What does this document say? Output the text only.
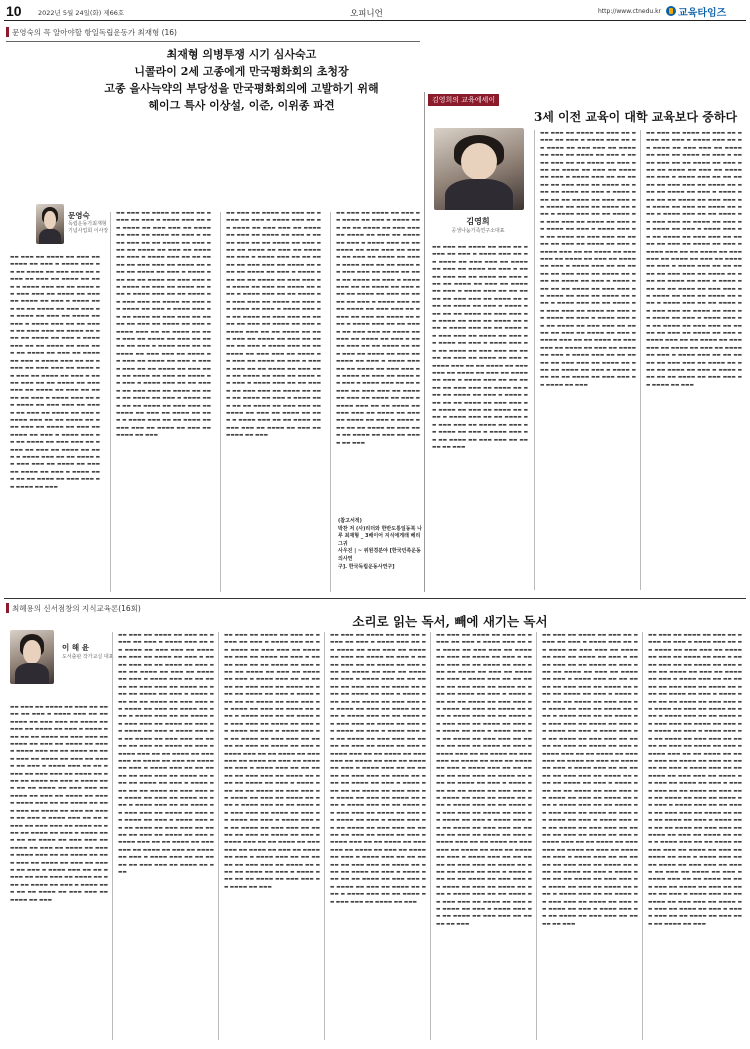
10	2022년 5월 24일(화) 제66호	오피니언	http://www.ctnedu.kr 교육타임즈
문영숙의 꼭 알아야할 항일독립운동가 최재형 (16)
최재형 의병투쟁 시기 심사숙고
니콜라이 2세 고종에게 만국평화회의 초청장
고종 을사늑약의 부당성을 만국평화회의에 고발하기 위해
헤이그 특사 이상설, 이준, 이위종 파견
문영숙
독립운동가최재형
기념사업회 이사장
▬▬ ▬▬▬ ▬▬ ▬▬▬▬ ▬▬ ▬▬▬ ▬▬ ▬▬▬▬ ▬▬ ▬▬▬ ▬ ▬▬▬▬ ▬▬▬ ▬▬ ▬▬ ▬▬▬▬ ▬▬ ▬▬▬ ▬▬▬ ▬▬ ▬▬▬▬ ▬▬ ▬▬▬ ▬▬ ▬▬▬▬ ▬▬ ▬▬▬ ▬ ▬▬▬▬ ▬▬▬ ▬▬ ▬▬ ▬▬▬▬ ▬▬ ▬▬▬ ▬▬▬ ▬▬ ▬▬▬▬ ▬▬ ▬▬▬ ▬▬ ▬▬▬▬ ▬▬ ▬▬▬ ▬ ▬▬▬▬ ▬▬▬ ▬▬ ▬▬ ▬▬▬▬ ▬▬ ▬▬▬ ▬▬▬ ▬▬ ▬▬▬▬ ▬▬ ▬▬▬ ▬▬ ▬▬▬▬ ▬▬ ▬▬▬ ▬ ▬▬▬▬ ▬▬▬ ▬▬ ▬▬ ▬▬▬▬ ▬▬ ▬▬▬ ▬▬▬ ▬▬ ▬▬▬▬ ▬▬ ▬▬▬ ▬▬ ▬▬▬▬ ▬▬ ▬▬▬ ▬ ▬▬▬▬ ▬▬▬ ▬▬ ▬▬ ▬▬▬▬ ▬▬ ▬▬▬ ▬▬▬ ▬▬ ▬▬▬▬ ▬▬ ▬▬▬ ▬▬ ▬▬▬▬ ▬▬ ▬▬▬ ▬ ▬▬▬▬ ▬▬▬ ▬▬ ▬▬ ▬▬▬▬ ▬▬ ▬▬▬ ▬▬▬ ▬▬ ▬▬▬▬ ▬▬ ▬▬▬ ▬▬ ▬▬▬▬ ▬▬ ▬▬▬ ▬ ▬▬▬▬ ▬▬▬ ▬▬ ▬▬ ▬▬▬▬ ▬▬ ▬▬▬ ▬▬▬ ▬▬ ▬▬▬▬ ▬▬ ▬▬▬ ▬▬ ▬▬▬▬ ▬▬ ▬▬▬ ▬ ▬▬▬▬ ▬▬▬ ▬▬ ▬▬ ▬▬▬▬ ▬▬ ▬▬▬ ▬▬▬ ▬▬ ▬▬▬▬ ▬▬ ▬▬▬ ▬▬ ▬▬▬▬ ▬▬ ▬▬▬ ▬ ▬▬▬▬ ▬▬▬ ▬▬ ▬▬ ▬▬▬▬ ▬▬ ▬▬▬ ▬▬▬ ▬▬ ▬▬▬▬ ▬▬ ▬▬▬ ▬▬ ▬▬▬▬ ▬▬ ▬▬▬ ▬ ▬▬▬▬ ▬▬▬ ▬▬ ▬▬ ▬▬▬▬ ▬▬ ▬▬▬ ▬▬▬ ▬▬ ▬▬▬▬ ▬▬ ▬▬▬ ▬▬ ▬▬▬▬ ▬▬ ▬▬▬ ▬ ▬▬▬▬ ▬▬▬ ▬▬ ▬▬ ▬▬▬▬ ▬▬ ▬▬▬ ▬▬▬ ▬▬ ▬▬▬▬ ▬▬ ▬▬▬ ▬▬ ▬▬▬▬ ▬▬ ▬▬▬ ▬ ▬▬▬▬ ▬▬▬ ▬▬ ▬▬ ▬▬▬▬ ▬▬ ▬▬▬ ▬▬▬ ▬▬ ▬▬▬▬ ▬▬ ▬▬▬
▬▬ ▬▬▬ ▬▬ ▬▬▬▬ ▬▬ ▬▬▬ ▬▬ ▬▬▬▬ ▬▬ ▬▬▬ ▬ ▬▬▬▬ ▬▬▬ ▬▬ ▬▬ ▬▬▬▬ ▬▬ ▬▬▬ ▬▬▬ ▬▬ ▬▬▬▬ ▬▬ ▬▬▬ ▬▬ ▬▬▬▬ ▬▬ ▬▬▬ ▬ ▬▬▬▬ ▬▬▬ ▬▬ ▬▬ ▬▬▬▬ ▬▬ ▬▬▬ ▬▬▬ ▬▬ ▬▬▬▬ ▬▬ ▬▬▬ ▬▬ ▬▬▬▬ ▬▬ ▬▬▬ ▬ ▬▬▬▬ ▬▬▬ ▬▬ ▬▬ ▬▬▬▬ ▬▬ ▬▬▬ ▬▬▬ ▬▬ ▬▬▬▬ ▬▬ ▬▬▬ ▬▬ ▬▬▬▬ ▬▬ ▬▬▬ ▬ ▬▬▬▬ ▬▬▬ ▬▬ ▬▬ ▬▬▬▬ ▬▬ ▬▬▬ ▬▬▬ ▬▬ ▬▬▬▬ ▬▬ ▬▬▬ ▬▬ ▬▬▬▬ ▬▬ ▬▬▬ ▬ ▬▬▬▬ ▬▬▬ ▬▬ ▬▬ ▬▬▬▬ ▬▬ ▬▬▬ ▬▬▬ ▬▬ ▬▬▬▬ ▬▬ ▬▬▬ ▬▬ ▬▬▬▬ ▬▬ ▬▬▬ ▬ ▬▬▬▬ ▬▬▬ ▬▬ ▬▬ ▬▬▬▬ ▬▬ ▬▬▬ ▬▬▬ ▬▬ ▬▬▬▬ ▬▬ ▬▬▬ ▬▬ ▬▬▬▬ ▬▬ ▬▬▬ ▬ ▬▬▬▬ ▬▬▬ ▬▬ ▬▬ ▬▬▬▬ ▬▬ ▬▬▬ ▬▬▬ ▬▬ ▬▬▬▬ ▬▬ ▬▬▬ ▬▬ ▬▬▬▬ ▬▬ ▬▬▬ ▬ ▬▬▬▬ ▬▬▬ ▬▬ ▬▬ ▬▬▬▬ ▬▬ ▬▬▬ ▬▬▬ ▬▬ ▬▬▬▬ ▬▬ ▬▬▬ ▬▬ ▬▬▬▬ ▬▬ ▬▬▬ ▬ ▬▬▬▬ ▬▬▬ ▬▬ ▬▬ ▬▬▬▬ ▬▬ ▬▬▬ ▬▬▬ ▬▬ ▬▬▬▬ ▬▬ ▬▬▬ ▬▬ ▬▬▬▬ ▬▬ ▬▬▬ ▬ ▬▬▬▬ ▬▬▬ ▬▬ ▬▬ ▬▬▬▬ ▬▬ ▬▬▬ ▬▬▬ ▬▬ ▬▬▬▬ ▬▬ ▬▬▬ ▬▬ ▬▬▬▬ ▬▬ ▬▬▬ ▬ ▬▬▬▬ ▬▬▬ ▬▬ ▬▬ ▬▬▬▬ ▬▬ ▬▬▬ ▬▬▬ ▬▬ ▬▬▬▬ ▬▬ ▬▬▬ ▬▬ ▬▬▬▬ ▬▬ ▬▬▬ ▬ ▬▬▬▬ ▬▬▬ ▬▬ ▬▬ ▬▬▬▬ ▬▬ ▬▬▬ ▬▬▬ ▬▬ ▬▬▬▬ ▬▬ ▬▬▬ ▬▬ ▬▬▬▬ ▬▬ ▬▬▬
▬▬ ▬▬▬ ▬▬ ▬▬▬▬ ▬▬ ▬▬▬ ▬▬ ▬▬▬▬ ▬▬ ▬▬▬ ▬ ▬▬▬▬ ▬▬▬ ▬▬ ▬▬ ▬▬▬▬ ▬▬ ▬▬▬ ▬▬▬ ▬▬ ▬▬▬▬ ▬▬ ▬▬▬ ▬▬ ▬▬▬▬ ▬▬ ▬▬▬ ▬ ▬▬▬▬ ▬▬▬ ▬▬ ▬▬ ▬▬▬▬ ▬▬ ▬▬▬ ▬▬▬ ▬▬ ▬▬▬▬ ▬▬ ▬▬▬ ▬▬ ▬▬▬▬ ▬▬ ▬▬▬ ▬ ▬▬▬▬ ▬▬▬ ▬▬ ▬▬ ▬▬▬▬ ▬▬ ▬▬▬ ▬▬▬ ▬▬ ▬▬▬▬ ▬▬ ▬▬▬ ▬▬ ▬▬▬▬ ▬▬ ▬▬▬ ▬ ▬▬▬▬ ▬▬▬ ▬▬ ▬▬ ▬▬▬▬ ▬▬ ▬▬▬ ▬▬▬ ▬▬ ▬▬▬▬ ▬▬ ▬▬▬ ▬▬ ▬▬▬▬ ▬▬ ▬▬▬ ▬ ▬▬▬▬ ▬▬▬ ▬▬ ▬▬ ▬▬▬▬ ▬▬ ▬▬▬ ▬▬▬ ▬▬ ▬▬▬▬ ▬▬ ▬▬▬ ▬▬ ▬▬▬▬ ▬▬ ▬▬▬ ▬ ▬▬▬▬ ▬▬▬ ▬▬ ▬▬ ▬▬▬▬ ▬▬ ▬▬▬ ▬▬▬ ▬▬ ▬▬▬▬ ▬▬ ▬▬▬ ▬▬ ▬▬▬▬ ▬▬ ▬▬▬ ▬ ▬▬▬▬ ▬▬▬ ▬▬ ▬▬ ▬▬▬▬ ▬▬ ▬▬▬ ▬▬▬ ▬▬ ▬▬▬▬ ▬▬ ▬▬▬ ▬▬ ▬▬▬▬ ▬▬ ▬▬▬ ▬ ▬▬▬▬ ▬▬▬ ▬▬ ▬▬ ▬▬▬▬ ▬▬ ▬▬▬ ▬▬▬ ▬▬ ▬▬▬▬ ▬▬ ▬▬▬ ▬▬ ▬▬▬▬ ▬▬ ▬▬▬ ▬ ▬▬▬▬ ▬▬▬ ▬▬ ▬▬ ▬▬▬▬ ▬▬ ▬▬▬ ▬▬▬ ▬▬ ▬▬▬▬ ▬▬ ▬▬▬ ▬▬ ▬▬▬▬ ▬▬ ▬▬▬ ▬ ▬▬▬▬ ▬▬▬ ▬▬ ▬▬ ▬▬▬▬ ▬▬ ▬▬▬ ▬▬▬ ▬▬ ▬▬▬▬ ▬▬ ▬▬▬ ▬▬ ▬▬▬▬ ▬▬ ▬▬▬ ▬ ▬▬▬▬ ▬▬▬ ▬▬ ▬▬ ▬▬▬▬ ▬▬ ▬▬▬ ▬▬▬ ▬▬ ▬▬▬▬ ▬▬ ▬▬▬ ▬▬ ▬▬▬▬ ▬▬ ▬▬▬ ▬ ▬▬▬▬ ▬▬▬ ▬▬ ▬▬ ▬▬▬▬ ▬▬ ▬▬▬ ▬▬▬ ▬▬ ▬▬▬▬ ▬▬ ▬▬▬ ▬▬ ▬▬▬▬ ▬▬ ▬▬▬
▬▬ ▬▬▬ ▬▬ ▬▬▬▬ ▬▬ ▬▬▬ ▬▬ ▬▬▬▬ ▬▬ ▬▬▬ ▬ ▬▬▬▬ ▬▬▬ ▬▬ ▬▬ ▬▬▬▬ ▬▬ ▬▬▬ ▬▬▬ ▬▬ ▬▬▬▬ ▬▬ ▬▬▬ ▬▬ ▬▬▬▬ ▬▬ ▬▬▬ ▬ ▬▬▬▬ ▬▬▬ ▬▬ ▬▬ ▬▬▬▬ ▬▬ ▬▬▬ ▬▬▬ ▬▬ ▬▬▬▬ ▬▬ ▬▬▬ ▬▬ ▬▬▬▬ ▬▬ ▬▬▬ ▬ ▬▬▬▬ ▬▬▬ ▬▬ ▬▬ ▬▬▬▬ ▬▬ ▬▬▬ ▬▬▬ ▬▬ ▬▬▬▬ ▬▬ ▬▬▬ ▬▬ ▬▬▬▬ ▬▬ ▬▬▬ ▬ ▬▬▬▬ ▬▬▬ ▬▬ ▬▬ ▬▬▬▬ ▬▬ ▬▬▬ ▬▬▬ ▬▬ ▬▬▬▬ ▬▬ ▬▬▬ ▬▬ ▬▬▬▬ ▬▬ ▬▬▬ ▬ ▬▬▬▬ ▬▬▬ ▬▬ ▬▬ ▬▬▬▬ ▬▬ ▬▬▬ ▬▬▬ ▬▬ ▬▬▬▬ ▬▬ ▬▬▬ ▬▬ ▬▬▬▬ ▬▬ ▬▬▬ ▬ ▬▬▬▬ ▬▬▬ ▬▬ ▬▬ ▬▬▬▬ ▬▬ ▬▬▬ ▬▬▬ ▬▬ ▬▬▬▬ ▬▬ ▬▬▬ ▬▬ ▬▬▬▬ ▬▬ ▬▬▬ ▬ ▬▬▬▬ ▬▬▬ ▬▬ ▬▬ ▬▬▬▬ ▬▬ ▬▬▬ ▬▬▬ ▬▬ ▬▬▬▬ ▬▬ ▬▬▬ ▬▬ ▬▬▬▬ ▬▬ ▬▬▬ ▬ ▬▬▬▬ ▬▬▬ ▬▬ ▬▬ ▬▬▬▬ ▬▬ ▬▬▬ ▬▬▬ ▬▬ ▬▬▬▬ ▬▬ ▬▬▬ ▬▬ ▬▬▬▬ ▬▬ ▬▬▬ ▬ ▬▬▬▬ ▬▬▬ ▬▬ ▬▬ ▬▬▬▬ ▬▬ ▬▬▬ ▬▬▬ ▬▬ ▬▬▬▬ ▬▬ ▬▬▬ ▬▬ ▬▬▬▬ ▬▬ ▬▬▬ ▬ ▬▬▬▬ ▬▬▬ ▬▬ ▬▬ ▬▬▬▬ ▬▬ ▬▬▬ ▬▬▬ ▬▬ ▬▬▬▬ ▬▬ ▬▬▬ ▬▬ ▬▬▬▬ ▬▬ ▬▬▬ ▬ ▬▬▬▬ ▬▬▬ ▬▬ ▬▬ ▬▬▬▬ ▬▬ ▬▬▬ ▬▬▬ ▬▬ ▬▬▬▬ ▬▬ ▬▬▬ ▬▬ ▬▬▬▬ ▬▬ ▬▬▬
(참고서적)
박찬 저 (사)리더와 한반도통일동북 나
루 최재형 _ 3배이어 지식에게래 베리그귀
사우진 | ~ 위원경분야 [한국민족운동의사연
구]. 한국독립운동사연구]
김영희의 교육에세이
3세 이전 교육이 대학 교육보다 중하다
김영희
공생나눔가족연구소대표
▬▬ ▬▬▬ ▬▬ ▬▬▬▬ ▬▬ ▬▬▬ ▬▬ ▬▬▬▬ ▬▬ ▬▬▬ ▬ ▬▬▬▬ ▬▬▬ ▬▬ ▬▬ ▬▬▬▬ ▬▬ ▬▬▬ ▬▬▬ ▬▬ ▬▬▬▬ ▬▬ ▬▬▬ ▬▬ ▬▬▬▬ ▬▬ ▬▬▬ ▬ ▬▬▬▬ ▬▬▬ ▬▬ ▬▬ ▬▬▬▬ ▬▬ ▬▬▬ ▬▬▬ ▬▬ ▬▬▬▬ ▬▬ ▬▬▬ ▬▬ ▬▬▬▬ ▬▬ ▬▬▬ ▬ ▬▬▬▬ ▬▬▬ ▬▬ ▬▬ ▬▬▬▬ ▬▬ ▬▬▬ ▬▬▬ ▬▬ ▬▬▬▬ ▬▬ ▬▬▬ ▬▬ ▬▬▬▬ ▬▬ ▬▬▬ ▬ ▬▬▬▬ ▬▬▬ ▬▬ ▬▬ ▬▬▬▬ ▬▬ ▬▬▬ ▬▬▬ ▬▬ ▬▬▬▬ ▬▬ ▬▬▬ ▬▬ ▬▬▬▬ ▬▬ ▬▬▬ ▬ ▬▬▬▬ ▬▬▬ ▬▬ ▬▬ ▬▬▬▬ ▬▬ ▬▬▬ ▬▬▬ ▬▬ ▬▬▬▬ ▬▬ ▬▬▬ ▬▬ ▬▬▬▬ ▬▬ ▬▬▬ ▬ ▬▬▬▬ ▬▬▬ ▬▬ ▬▬ ▬▬▬▬ ▬▬ ▬▬▬ ▬▬▬ ▬▬ ▬▬▬▬ ▬▬ ▬▬▬ ▬▬ ▬▬▬▬ ▬▬ ▬▬▬ ▬ ▬▬▬▬ ▬▬▬ ▬▬ ▬▬ ▬▬▬▬ ▬▬ ▬▬▬ ▬▬▬ ▬▬ ▬▬▬▬ ▬▬ ▬▬▬ ▬▬ ▬▬▬▬ ▬▬ ▬▬▬ ▬ ▬▬▬▬ ▬▬▬ ▬▬ ▬▬ ▬▬▬▬ ▬▬ ▬▬▬ ▬▬▬ ▬▬ ▬▬▬▬ ▬▬ ▬▬▬ ▬▬ ▬▬▬▬ ▬▬ ▬▬▬ ▬ ▬▬▬▬ ▬▬▬ ▬▬ ▬▬ ▬▬▬▬ ▬▬ ▬▬▬ ▬▬▬ ▬▬ ▬▬▬▬ ▬▬ ▬▬▬ ▬▬ ▬▬▬▬ ▬▬ ▬▬▬ ▬ ▬▬▬▬ ▬▬▬ ▬▬ ▬▬ ▬▬▬▬ ▬▬ ▬▬▬ ▬▬▬ ▬▬ ▬▬▬▬ ▬▬ ▬▬▬ ▬▬ ▬▬▬▬ ▬▬ ▬▬▬ ▬ ▬▬▬▬ ▬▬▬ ▬▬ ▬▬ ▬▬▬▬ ▬▬ ▬▬▬ ▬▬▬ ▬▬ ▬▬▬▬ ▬▬ ▬▬▬
▬▬ ▬▬▬ ▬▬ ▬▬▬▬ ▬▬ ▬▬▬ ▬▬ ▬▬▬▬ ▬▬ ▬▬▬ ▬ ▬▬▬▬ ▬▬▬ ▬▬ ▬▬ ▬▬▬▬ ▬▬ ▬▬▬ ▬▬▬ ▬▬ ▬▬▬▬ ▬▬ ▬▬▬ ▬▬ ▬▬▬▬ ▬▬ ▬▬▬ ▬ ▬▬▬▬ ▬▬▬ ▬▬ ▬▬ ▬▬▬▬ ▬▬ ▬▬▬ ▬▬▬ ▬▬ ▬▬▬▬ ▬▬ ▬▬▬ ▬▬ ▬▬▬▬ ▬▬ ▬▬▬ ▬ ▬▬▬▬ ▬▬▬ ▬▬ ▬▬ ▬▬▬▬ ▬▬ ▬▬▬ ▬▬▬ ▬▬ ▬▬▬▬ ▬▬ ▬▬▬ ▬▬ ▬▬▬▬ ▬▬ ▬▬▬ ▬ ▬▬▬▬ ▬▬▬ ▬▬ ▬▬ ▬▬▬▬ ▬▬ ▬▬▬ ▬▬▬ ▬▬ ▬▬▬▬ ▬▬ ▬▬▬ ▬▬ ▬▬▬▬ ▬▬ ▬▬▬ ▬ ▬▬▬▬ ▬▬▬ ▬▬ ▬▬ ▬▬▬▬ ▬▬ ▬▬▬ ▬▬▬ ▬▬ ▬▬▬▬ ▬▬ ▬▬▬ ▬▬ ▬▬▬▬ ▬▬ ▬▬▬ ▬ ▬▬▬▬ ▬▬▬ ▬▬ ▬▬ ▬▬▬▬ ▬▬ ▬▬▬ ▬▬▬ ▬▬ ▬▬▬▬ ▬▬ ▬▬▬ ▬▬ ▬▬▬▬ ▬▬ ▬▬▬ ▬ ▬▬▬▬ ▬▬▬ ▬▬ ▬▬ ▬▬▬▬ ▬▬ ▬▬▬ ▬▬▬ ▬▬ ▬▬▬▬ ▬▬ ▬▬▬ ▬▬ ▬▬▬▬ ▬▬ ▬▬▬ ▬ ▬▬▬▬ ▬▬▬ ▬▬ ▬▬ ▬▬▬▬ ▬▬ ▬▬▬ ▬▬▬ ▬▬ ▬▬▬▬ ▬▬ ▬▬▬ ▬▬ ▬▬▬▬ ▬▬ ▬▬▬ ▬ ▬▬▬▬ ▬▬▬ ▬▬ ▬▬ ▬▬▬▬ ▬▬ ▬▬▬ ▬▬▬ ▬▬ ▬▬▬▬ ▬▬ ▬▬▬ ▬▬ ▬▬▬▬ ▬▬ ▬▬▬ ▬ ▬▬▬▬ ▬▬▬ ▬▬ ▬▬ ▬▬▬▬ ▬▬ ▬▬▬ ▬▬▬ ▬▬ ▬▬▬▬ ▬▬ ▬▬▬ ▬▬ ▬▬▬▬ ▬▬ ▬▬▬ ▬ ▬▬▬▬ ▬▬▬ ▬▬ ▬▬ ▬▬▬▬ ▬▬ ▬▬▬ ▬▬▬ ▬▬ ▬▬▬▬ ▬▬ ▬▬▬ ▬▬ ▬▬▬▬ ▬▬ ▬▬▬ ▬ ▬▬▬▬ ▬▬▬ ▬▬ ▬▬ ▬▬▬▬ ▬▬ ▬▬▬ ▬▬▬ ▬▬ ▬▬▬▬ ▬▬ ▬▬▬ ▬▬ ▬▬▬▬ ▬▬ ▬▬▬ ▬ ▬▬▬▬ ▬▬▬ ▬▬ ▬▬ ▬▬▬▬ ▬▬ ▬▬▬ ▬▬▬ ▬▬ ▬▬▬▬ ▬▬ ▬▬▬ ▬▬ ▬▬▬▬ ▬▬ ▬▬▬ ▬ ▬▬▬▬ ▬▬▬ ▬▬ ▬▬ ▬▬▬▬ ▬▬ ▬▬▬ ▬▬▬ ▬▬ ▬▬▬▬ ▬▬ ▬▬▬
▬▬ ▬▬▬ ▬▬ ▬▬▬▬ ▬▬ ▬▬▬ ▬▬ ▬▬▬▬ ▬▬ ▬▬▬ ▬ ▬▬▬▬ ▬▬▬ ▬▬ ▬▬ ▬▬▬▬ ▬▬ ▬▬▬ ▬▬▬ ▬▬ ▬▬▬▬ ▬▬ ▬▬▬ ▬▬ ▬▬▬▬ ▬▬ ▬▬▬ ▬ ▬▬▬▬ ▬▬▬ ▬▬ ▬▬ ▬▬▬▬ ▬▬ ▬▬▬ ▬▬▬ ▬▬ ▬▬▬▬ ▬▬ ▬▬▬ ▬▬ ▬▬▬▬ ▬▬ ▬▬▬ ▬ ▬▬▬▬ ▬▬▬ ▬▬ ▬▬ ▬▬▬▬ ▬▬ ▬▬▬ ▬▬▬ ▬▬ ▬▬▬▬ ▬▬ ▬▬▬ ▬▬ ▬▬▬▬ ▬▬ ▬▬▬ ▬ ▬▬▬▬ ▬▬▬ ▬▬ ▬▬ ▬▬▬▬ ▬▬ ▬▬▬ ▬▬▬ ▬▬ ▬▬▬▬ ▬▬ ▬▬▬ ▬▬ ▬▬▬▬ ▬▬ ▬▬▬ ▬ ▬▬▬▬ ▬▬▬ ▬▬ ▬▬ ▬▬▬▬ ▬▬ ▬▬▬ ▬▬▬ ▬▬ ▬▬▬▬ ▬▬ ▬▬▬ ▬▬ ▬▬▬▬ ▬▬ ▬▬▬ ▬ ▬▬▬▬ ▬▬▬ ▬▬ ▬▬ ▬▬▬▬ ▬▬ ▬▬▬ ▬▬▬ ▬▬ ▬▬▬▬ ▬▬ ▬▬▬ ▬▬ ▬▬▬▬ ▬▬ ▬▬▬ ▬ ▬▬▬▬ ▬▬▬ ▬▬ ▬▬ ▬▬▬▬ ▬▬ ▬▬▬ ▬▬▬ ▬▬ ▬▬▬▬ ▬▬ ▬▬▬ ▬▬ ▬▬▬▬ ▬▬ ▬▬▬ ▬ ▬▬▬▬ ▬▬▬ ▬▬ ▬▬ ▬▬▬▬ ▬▬ ▬▬▬ ▬▬▬ ▬▬ ▬▬▬▬ ▬▬ ▬▬▬ ▬▬ ▬▬▬▬ ▬▬ ▬▬▬ ▬ ▬▬▬▬ ▬▬▬ ▬▬ ▬▬ ▬▬▬▬ ▬▬ ▬▬▬ ▬▬▬ ▬▬ ▬▬▬▬ ▬▬ ▬▬▬ ▬▬ ▬▬▬▬ ▬▬ ▬▬▬ ▬ ▬▬▬▬ ▬▬▬ ▬▬ ▬▬ ▬▬▬▬ ▬▬ ▬▬▬ ▬▬▬ ▬▬ ▬▬▬▬ ▬▬ ▬▬▬ ▬▬ ▬▬▬▬ ▬▬ ▬▬▬ ▬ ▬▬▬▬ ▬▬▬ ▬▬ ▬▬ ▬▬▬▬ ▬▬ ▬▬▬ ▬▬▬ ▬▬ ▬▬▬▬ ▬▬ ▬▬▬ ▬▬ ▬▬▬▬ ▬▬ ▬▬▬ ▬ ▬▬▬▬ ▬▬▬ ▬▬ ▬▬ ▬▬▬▬ ▬▬ ▬▬▬ ▬▬▬ ▬▬ ▬▬▬▬ ▬▬ ▬▬▬ ▬▬ ▬▬▬▬ ▬▬ ▬▬▬ ▬ ▬▬▬▬ ▬▬▬ ▬▬ ▬▬ ▬▬▬▬ ▬▬ ▬▬▬ ▬▬▬ ▬▬ ▬▬▬▬ ▬▬ ▬▬▬ ▬▬ ▬▬▬▬ ▬▬ ▬▬▬ ▬ ▬▬▬▬ ▬▬▬ ▬▬ ▬▬ ▬▬▬▬ ▬▬ ▬▬▬ ▬▬▬ ▬▬ ▬▬▬▬ ▬▬ ▬▬▬
최혜용의 신서점창의 지식교육론(16회)
소리로 읽는 독서, 빼에 새기는 독서
이 해 윤
도서출판 작가교실 대표
▬▬ ▬▬▬ ▬▬ ▬▬▬▬ ▬▬ ▬▬▬ ▬▬ ▬▬▬▬ ▬▬ ▬▬▬ ▬ ▬▬▬▬ ▬▬▬ ▬▬ ▬▬ ▬▬▬▬ ▬▬ ▬▬▬ ▬▬▬ ▬▬ ▬▬▬▬ ▬▬ ▬▬▬ ▬▬ ▬▬▬▬ ▬▬ ▬▬▬ ▬ ▬▬▬▬ ▬▬▬ ▬▬ ▬▬ ▬▬▬▬ ▬▬ ▬▬▬ ▬▬▬ ▬▬ ▬▬▬▬ ▬▬ ▬▬▬ ▬▬ ▬▬▬▬ ▬▬ ▬▬▬ ▬ ▬▬▬▬ ▬▬▬ ▬▬ ▬▬ ▬▬▬▬ ▬▬ ▬▬▬ ▬▬▬ ▬▬ ▬▬▬▬ ▬▬ ▬▬▬ ▬▬ ▬▬▬▬ ▬▬ ▬▬▬ ▬ ▬▬▬▬ ▬▬▬ ▬▬ ▬▬ ▬▬▬▬ ▬▬ ▬▬▬ ▬▬▬ ▬▬ ▬▬▬▬ ▬▬ ▬▬▬ ▬▬ ▬▬▬▬ ▬▬ ▬▬▬ ▬ ▬▬▬▬ ▬▬▬ ▬▬ ▬▬ ▬▬▬▬ ▬▬ ▬▬▬ ▬▬▬ ▬▬ ▬▬▬▬ ▬▬ ▬▬▬ ▬▬ ▬▬▬▬ ▬▬ ▬▬▬ ▬ ▬▬▬▬ ▬▬▬ ▬▬ ▬▬ ▬▬▬▬ ▬▬ ▬▬▬ ▬▬▬ ▬▬ ▬▬▬▬ ▬▬ ▬▬▬ ▬▬ ▬▬▬▬ ▬▬ ▬▬▬ ▬ ▬▬▬▬ ▬▬▬ ▬▬ ▬▬ ▬▬▬▬ ▬▬ ▬▬▬ ▬▬▬ ▬▬ ▬▬▬▬ ▬▬ ▬▬▬ ▬▬ ▬▬▬▬ ▬▬ ▬▬▬ ▬ ▬▬▬▬ ▬▬▬ ▬▬ ▬▬ ▬▬▬▬ ▬▬ ▬▬▬ ▬▬▬ ▬▬ ▬▬▬▬ ▬▬ ▬▬▬ ▬▬ ▬▬▬▬ ▬▬ ▬▬▬ ▬ ▬▬▬▬ ▬▬▬ ▬▬ ▬▬ ▬▬▬▬ ▬▬ ▬▬▬ ▬▬▬ ▬▬ ▬▬▬▬ ▬▬ ▬▬▬ ▬▬ ▬▬▬▬ ▬▬ ▬▬▬ ▬ ▬▬▬▬ ▬▬▬ ▬▬ ▬▬ ▬▬▬▬ ▬▬ ▬▬▬ ▬▬▬ ▬▬ ▬▬▬▬ ▬▬ ▬▬▬ ▬▬ ▬▬▬▬ ▬▬ ▬▬▬ ▬ ▬▬▬▬ ▬▬▬ ▬▬ ▬▬ ▬▬▬▬ ▬▬ ▬▬▬ ▬▬▬ ▬▬ ▬▬▬▬ ▬▬ ▬▬▬
▬▬ ▬▬▬ ▬▬ ▬▬▬▬ ▬▬ ▬▬▬ ▬▬ ▬▬▬▬ ▬▬ ▬▬▬ ▬ ▬▬▬▬ ▬▬▬ ▬▬ ▬▬ ▬▬▬▬ ▬▬ ▬▬▬ ▬▬▬ ▬▬ ▬▬▬▬ ▬▬ ▬▬▬ ▬▬ ▬▬▬▬ ▬▬ ▬▬▬ ▬ ▬▬▬▬ ▬▬▬ ▬▬ ▬▬ ▬▬▬▬ ▬▬ ▬▬▬ ▬▬▬ ▬▬ ▬▬▬▬ ▬▬ ▬▬▬ ▬▬ ▬▬▬▬ ▬▬ ▬▬▬ ▬ ▬▬▬▬ ▬▬▬ ▬▬ ▬▬ ▬▬▬▬ ▬▬ ▬▬▬ ▬▬▬ ▬▬ ▬▬▬▬ ▬▬ ▬▬▬ ▬▬ ▬▬▬▬ ▬▬ ▬▬▬ ▬ ▬▬▬▬ ▬▬▬ ▬▬ ▬▬ ▬▬▬▬ ▬▬ ▬▬▬ ▬▬▬ ▬▬ ▬▬▬▬ ▬▬ ▬▬▬ ▬▬ ▬▬▬▬ ▬▬ ▬▬▬ ▬ ▬▬▬▬ ▬▬▬ ▬▬ ▬▬ ▬▬▬▬ ▬▬ ▬▬▬ ▬▬▬ ▬▬ ▬▬▬▬ ▬▬ ▬▬▬ ▬▬ ▬▬▬▬ ▬▬ ▬▬▬ ▬ ▬▬▬▬ ▬▬▬ ▬▬ ▬▬ ▬▬▬▬ ▬▬ ▬▬▬ ▬▬▬ ▬▬ ▬▬▬▬ ▬▬ ▬▬▬ ▬▬ ▬▬▬▬ ▬▬ ▬▬▬ ▬ ▬▬▬▬ ▬▬▬ ▬▬ ▬▬ ▬▬▬▬ ▬▬ ▬▬▬ ▬▬▬ ▬▬ ▬▬▬▬ ▬▬ ▬▬▬ ▬▬ ▬▬▬▬ ▬▬ ▬▬▬ ▬ ▬▬▬▬ ▬▬▬ ▬▬ ▬▬ ▬▬▬▬ ▬▬ ▬▬▬ ▬▬▬ ▬▬ ▬▬▬▬ ▬▬ ▬▬▬ ▬▬ ▬▬▬▬ ▬▬ ▬▬▬ ▬ ▬▬▬▬ ▬▬▬ ▬▬ ▬▬ ▬▬▬▬ ▬▬ ▬▬▬ ▬▬▬ ▬▬ ▬▬▬▬ ▬▬ ▬▬▬ ▬▬ ▬▬▬▬ ▬▬ ▬▬▬ ▬ ▬▬▬▬ ▬▬▬ ▬▬ ▬▬ ▬▬▬▬ ▬▬ ▬▬▬ ▬▬▬ ▬▬ ▬▬▬▬ ▬▬ ▬▬▬ ▬▬ ▬▬▬▬ ▬▬ ▬▬▬ ▬ ▬▬▬▬ ▬▬▬ ▬▬ ▬▬ ▬▬▬▬ ▬▬ ▬▬▬ ▬▬▬ ▬▬ ▬▬▬▬ ▬▬ ▬▬▬ ▬▬ ▬▬▬▬ ▬▬ ▬▬▬ ▬ ▬▬▬▬ ▬▬▬ ▬▬ ▬▬ ▬▬▬▬ ▬▬ ▬▬▬ ▬▬▬ ▬▬ ▬▬▬▬ ▬▬ ▬▬▬ ▬▬ ▬▬▬▬ ▬▬ ▬▬▬ ▬ ▬▬▬▬ ▬▬▬ ▬▬ ▬▬ ▬▬▬▬ ▬▬ ▬▬▬ ▬▬▬ ▬▬ ▬▬▬▬ ▬▬ ▬▬▬
▬▬ ▬▬▬ ▬▬ ▬▬▬▬ ▬▬ ▬▬▬ ▬▬ ▬▬▬▬ ▬▬ ▬▬▬ ▬ ▬▬▬▬ ▬▬▬ ▬▬ ▬▬ ▬▬▬▬ ▬▬ ▬▬▬ ▬▬▬ ▬▬ ▬▬▬▬ ▬▬ ▬▬▬ ▬▬ ▬▬▬▬ ▬▬ ▬▬▬ ▬ ▬▬▬▬ ▬▬▬ ▬▬ ▬▬ ▬▬▬▬ ▬▬ ▬▬▬ ▬▬▬ ▬▬ ▬▬▬▬ ▬▬ ▬▬▬ ▬▬ ▬▬▬▬ ▬▬ ▬▬▬ ▬ ▬▬▬▬ ▬▬▬ ▬▬ ▬▬ ▬▬▬▬ ▬▬ ▬▬▬ ▬▬▬ ▬▬ ▬▬▬▬ ▬▬ ▬▬▬ ▬▬ ▬▬▬▬ ▬▬ ▬▬▬ ▬ ▬▬▬▬ ▬▬▬ ▬▬ ▬▬ ▬▬▬▬ ▬▬ ▬▬▬ ▬▬▬ ▬▬ ▬▬▬▬ ▬▬ ▬▬▬ ▬▬ ▬▬▬▬ ▬▬ ▬▬▬ ▬ ▬▬▬▬ ▬▬▬ ▬▬ ▬▬ ▬▬▬▬ ▬▬ ▬▬▬ ▬▬▬ ▬▬ ▬▬▬▬ ▬▬ ▬▬▬ ▬▬ ▬▬▬▬ ▬▬ ▬▬▬ ▬ ▬▬▬▬ ▬▬▬ ▬▬ ▬▬ ▬▬▬▬ ▬▬ ▬▬▬ ▬▬▬ ▬▬ ▬▬▬▬ ▬▬ ▬▬▬ ▬▬ ▬▬▬▬ ▬▬ ▬▬▬ ▬ ▬▬▬▬ ▬▬▬ ▬▬ ▬▬ ▬▬▬▬ ▬▬ ▬▬▬ ▬▬▬ ▬▬ ▬▬▬▬ ▬▬ ▬▬▬ ▬▬ ▬▬▬▬ ▬▬ ▬▬▬ ▬ ▬▬▬▬ ▬▬▬ ▬▬ ▬▬ ▬▬▬▬ ▬▬ ▬▬▬ ▬▬▬ ▬▬ ▬▬▬▬ ▬▬ ▬▬▬ ▬▬ ▬▬▬▬ ▬▬ ▬▬▬ ▬ ▬▬▬▬ ▬▬▬ ▬▬ ▬▬ ▬▬▬▬ ▬▬ ▬▬▬ ▬▬▬ ▬▬ ▬▬▬▬ ▬▬ ▬▬▬ ▬▬ ▬▬▬▬ ▬▬ ▬▬▬ ▬ ▬▬▬▬ ▬▬▬ ▬▬ ▬▬ ▬▬▬▬ ▬▬ ▬▬▬ ▬▬▬ ▬▬ ▬▬▬▬ ▬▬ ▬▬▬ ▬▬ ▬▬▬▬ ▬▬ ▬▬▬ ▬ ▬▬▬▬ ▬▬▬ ▬▬ ▬▬ ▬▬▬▬ ▬▬ ▬▬▬ ▬▬▬ ▬▬ ▬▬▬▬ ▬▬ ▬▬▬ ▬▬ ▬▬▬▬ ▬▬ ▬▬▬ ▬ ▬▬▬▬ ▬▬▬ ▬▬ ▬▬ ▬▬▬▬ ▬▬ ▬▬▬ ▬▬▬ ▬▬ ▬▬▬▬ ▬▬ ▬▬▬ ▬▬ ▬▬▬▬ ▬▬ ▬▬▬ ▬ ▬▬▬▬ ▬▬▬ ▬▬ ▬▬ ▬▬▬▬ ▬▬ ▬▬▬ ▬▬▬ ▬▬ ▬▬▬▬ ▬▬ ▬▬▬ ▬▬ ▬▬▬▬ ▬▬ ▬▬▬ ▬ ▬▬▬▬ ▬▬▬ ▬▬ ▬▬ ▬▬▬▬ ▬▬ ▬▬▬ ▬▬▬ ▬▬ ▬▬▬▬ ▬▬ ▬▬▬
▬▬ ▬▬▬ ▬▬ ▬▬▬▬ ▬▬ ▬▬▬ ▬▬ ▬▬▬▬ ▬▬ ▬▬▬ ▬ ▬▬▬▬ ▬▬▬ ▬▬ ▬▬ ▬▬▬▬ ▬▬ ▬▬▬ ▬▬▬ ▬▬ ▬▬▬▬ ▬▬ ▬▬▬ ▬▬ ▬▬▬▬ ▬▬ ▬▬▬ ▬ ▬▬▬▬ ▬▬▬ ▬▬ ▬▬ ▬▬▬▬ ▬▬ ▬▬▬ ▬▬▬ ▬▬ ▬▬▬▬ ▬▬ ▬▬▬ ▬▬ ▬▬▬▬ ▬▬ ▬▬▬ ▬ ▬▬▬▬ ▬▬▬ ▬▬ ▬▬ ▬▬▬▬ ▬▬ ▬▬▬ ▬▬▬ ▬▬ ▬▬▬▬ ▬▬ ▬▬▬ ▬▬ ▬▬▬▬ ▬▬ ▬▬▬ ▬ ▬▬▬▬ ▬▬▬ ▬▬ ▬▬ ▬▬▬▬ ▬▬ ▬▬▬ ▬▬▬ ▬▬ ▬▬▬▬ ▬▬ ▬▬▬ ▬▬ ▬▬▬▬ ▬▬ ▬▬▬ ▬ ▬▬▬▬ ▬▬▬ ▬▬ ▬▬ ▬▬▬▬ ▬▬ ▬▬▬ ▬▬▬ ▬▬ ▬▬▬▬ ▬▬ ▬▬▬ ▬▬ ▬▬▬▬ ▬▬ ▬▬▬ ▬ ▬▬▬▬ ▬▬▬ ▬▬ ▬▬ ▬▬▬▬ ▬▬ ▬▬▬ ▬▬▬ ▬▬ ▬▬▬▬ ▬▬ ▬▬▬ ▬▬ ▬▬▬▬ ▬▬ ▬▬▬ ▬ ▬▬▬▬ ▬▬▬ ▬▬ ▬▬ ▬▬▬▬ ▬▬ ▬▬▬ ▬▬▬ ▬▬ ▬▬▬▬ ▬▬ ▬▬▬ ▬▬ ▬▬▬▬ ▬▬ ▬▬▬ ▬ ▬▬▬▬ ▬▬▬ ▬▬ ▬▬ ▬▬▬▬ ▬▬ ▬▬▬ ▬▬▬ ▬▬ ▬▬▬▬ ▬▬ ▬▬▬ ▬▬ ▬▬▬▬ ▬▬ ▬▬▬ ▬ ▬▬▬▬ ▬▬▬ ▬▬ ▬▬ ▬▬▬▬ ▬▬ ▬▬▬ ▬▬▬ ▬▬ ▬▬▬▬ ▬▬ ▬▬▬ ▬▬ ▬▬▬▬ ▬▬ ▬▬▬ ▬ ▬▬▬▬ ▬▬▬ ▬▬ ▬▬ ▬▬▬▬ ▬▬ ▬▬▬ ▬▬▬ ▬▬ ▬▬▬▬ ▬▬ ▬▬▬ ▬▬ ▬▬▬▬ ▬▬ ▬▬▬ ▬ ▬▬▬▬ ▬▬▬ ▬▬ ▬▬ ▬▬▬▬ ▬▬ ▬▬▬ ▬▬▬ ▬▬ ▬▬▬▬ ▬▬ ▬▬▬ ▬▬ ▬▬▬▬ ▬▬ ▬▬▬ ▬ ▬▬▬▬ ▬▬▬ ▬▬ ▬▬ ▬▬▬▬ ▬▬ ▬▬▬ ▬▬▬ ▬▬ ▬▬▬▬ ▬▬ ▬▬▬ ▬▬ ▬▬▬▬ ▬▬ ▬▬▬ ▬ ▬▬▬▬ ▬▬▬ ▬▬ ▬▬ ▬▬▬▬ ▬▬ ▬▬▬ ▬▬▬ ▬▬ ▬▬▬▬ ▬▬ ▬▬▬ ▬▬ ▬▬▬▬ ▬▬ ▬▬▬ ▬ ▬▬▬▬ ▬▬▬ ▬▬ ▬▬ ▬▬▬▬ ▬▬ ▬▬▬ ▬▬▬ ▬▬ ▬▬▬▬ ▬▬ ▬▬▬ ▬▬ ▬▬▬▬ ▬▬ ▬▬▬ ▬ ▬▬▬▬ ▬▬▬ ▬▬ ▬▬ ▬▬▬▬ ▬▬ ▬▬▬ ▬▬▬ ▬▬ ▬▬▬▬ ▬▬ ▬▬▬
▬▬ ▬▬▬ ▬▬ ▬▬▬▬ ▬▬ ▬▬▬ ▬▬ ▬▬▬▬ ▬▬ ▬▬▬ ▬ ▬▬▬▬ ▬▬▬ ▬▬ ▬▬ ▬▬▬▬ ▬▬ ▬▬▬ ▬▬▬ ▬▬ ▬▬▬▬ ▬▬ ▬▬▬ ▬▬ ▬▬▬▬ ▬▬ ▬▬▬ ▬ ▬▬▬▬ ▬▬▬ ▬▬ ▬▬ ▬▬▬▬ ▬▬ ▬▬▬ ▬▬▬ ▬▬ ▬▬▬▬ ▬▬ ▬▬▬ ▬▬ ▬▬▬▬ ▬▬ ▬▬▬ ▬ ▬▬▬▬ ▬▬▬ ▬▬ ▬▬ ▬▬▬▬ ▬▬ ▬▬▬ ▬▬▬ ▬▬ ▬▬▬▬ ▬▬ ▬▬▬ ▬▬ ▬▬▬▬ ▬▬ ▬▬▬ ▬ ▬▬▬▬ ▬▬▬ ▬▬ ▬▬ ▬▬▬▬ ▬▬ ▬▬▬ ▬▬▬ ▬▬ ▬▬▬▬ ▬▬ ▬▬▬ ▬▬ ▬▬▬▬ ▬▬ ▬▬▬ ▬ ▬▬▬▬ ▬▬▬ ▬▬ ▬▬ ▬▬▬▬ ▬▬ ▬▬▬ ▬▬▬ ▬▬ ▬▬▬▬ ▬▬ ▬▬▬ ▬▬ ▬▬▬▬ ▬▬ ▬▬▬ ▬ ▬▬▬▬ ▬▬▬ ▬▬ ▬▬ ▬▬▬▬ ▬▬ ▬▬▬ ▬▬▬ ▬▬ ▬▬▬▬ ▬▬ ▬▬▬ ▬▬ ▬▬▬▬ ▬▬ ▬▬▬ ▬ ▬▬▬▬ ▬▬▬ ▬▬ ▬▬ ▬▬▬▬ ▬▬ ▬▬▬ ▬▬▬ ▬▬ ▬▬▬▬ ▬▬ ▬▬▬ ▬▬ ▬▬▬▬ ▬▬ ▬▬▬ ▬ ▬▬▬▬ ▬▬▬ ▬▬ ▬▬ ▬▬▬▬ ▬▬ ▬▬▬ ▬▬▬ ▬▬ ▬▬▬▬ ▬▬ ▬▬▬ ▬▬ ▬▬▬▬ ▬▬ ▬▬▬ ▬ ▬▬▬▬ ▬▬▬ ▬▬ ▬▬ ▬▬▬▬ ▬▬ ▬▬▬ ▬▬▬ ▬▬ ▬▬▬▬ ▬▬ ▬▬▬ ▬▬ ▬▬▬▬ ▬▬ ▬▬▬ ▬ ▬▬▬▬ ▬▬▬ ▬▬ ▬▬ ▬▬▬▬ ▬▬ ▬▬▬ ▬▬▬ ▬▬ ▬▬▬▬ ▬▬ ▬▬▬ ▬▬ ▬▬▬▬ ▬▬ ▬▬▬ ▬ ▬▬▬▬ ▬▬▬ ▬▬ ▬▬ ▬▬▬▬ ▬▬ ▬▬▬ ▬▬▬ ▬▬ ▬▬▬▬ ▬▬ ▬▬▬ ▬▬ ▬▬▬▬ ▬▬ ▬▬▬ ▬ ▬▬▬▬ ▬▬▬ ▬▬ ▬▬ ▬▬▬▬ ▬▬ ▬▬▬ ▬▬▬ ▬▬ ▬▬▬▬ ▬▬ ▬▬▬ ▬▬ ▬▬▬▬ ▬▬ ▬▬▬ ▬ ▬▬▬▬ ▬▬▬ ▬▬ ▬▬ ▬▬▬▬ ▬▬ ▬▬▬ ▬▬▬ ▬▬ ▬▬▬▬ ▬▬ ▬▬▬ ▬▬ ▬▬▬▬ ▬▬ ▬▬▬ ▬ ▬▬▬▬ ▬▬▬ ▬▬ ▬▬ ▬▬▬▬ ▬▬ ▬▬▬ ▬▬▬ ▬▬ ▬▬▬▬ ▬▬ ▬▬▬ ▬▬ ▬▬▬▬ ▬▬ ▬▬▬ ▬ ▬▬▬▬ ▬▬▬ ▬▬ ▬▬ ▬▬▬▬ ▬▬ ▬▬▬ ▬▬▬ ▬▬ ▬▬▬▬ ▬▬ ▬▬▬ ▬▬ ▬▬▬▬ ▬▬ ▬▬▬ ▬ ▬▬▬▬ ▬▬▬ ▬▬ ▬▬ ▬▬▬▬ ▬▬ ▬▬▬ ▬▬▬ ▬▬ ▬▬▬▬ ▬▬ ▬▬▬
▬▬ ▬▬▬ ▬▬ ▬▬▬▬ ▬▬ ▬▬▬ ▬▬ ▬▬▬▬ ▬▬ ▬▬▬ ▬ ▬▬▬▬ ▬▬▬ ▬▬ ▬▬ ▬▬▬▬ ▬▬ ▬▬▬ ▬▬▬ ▬▬ ▬▬▬▬ ▬▬ ▬▬▬ ▬▬ ▬▬▬▬ ▬▬ ▬▬▬ ▬ ▬▬▬▬ ▬▬▬ ▬▬ ▬▬ ▬▬▬▬ ▬▬ ▬▬▬ ▬▬▬ ▬▬ ▬▬▬▬ ▬▬ ▬▬▬ ▬▬ ▬▬▬▬ ▬▬ ▬▬▬ ▬ ▬▬▬▬ ▬▬▬ ▬▬ ▬▬ ▬▬▬▬ ▬▬ ▬▬▬ ▬▬▬ ▬▬ ▬▬▬▬ ▬▬ ▬▬▬ ▬▬ ▬▬▬▬ ▬▬ ▬▬▬ ▬ ▬▬▬▬ ▬▬▬ ▬▬ ▬▬ ▬▬▬▬ ▬▬ ▬▬▬ ▬▬▬ ▬▬ ▬▬▬▬ ▬▬ ▬▬▬ ▬▬ ▬▬▬▬ ▬▬ ▬▬▬ ▬ ▬▬▬▬ ▬▬▬ ▬▬ ▬▬ ▬▬▬▬ ▬▬ ▬▬▬ ▬▬▬ ▬▬ ▬▬▬▬ ▬▬ ▬▬▬ ▬▬ ▬▬▬▬ ▬▬ ▬▬▬ ▬ ▬▬▬▬ ▬▬▬ ▬▬ ▬▬ ▬▬▬▬ ▬▬ ▬▬▬ ▬▬▬ ▬▬ ▬▬▬▬ ▬▬ ▬▬▬ ▬▬ ▬▬▬▬ ▬▬ ▬▬▬ ▬ ▬▬▬▬ ▬▬▬ ▬▬ ▬▬ ▬▬▬▬ ▬▬ ▬▬▬ ▬▬▬ ▬▬ ▬▬▬▬ ▬▬ ▬▬▬ ▬▬ ▬▬▬▬ ▬▬ ▬▬▬ ▬ ▬▬▬▬ ▬▬▬ ▬▬ ▬▬ ▬▬▬▬ ▬▬ ▬▬▬ ▬▬▬ ▬▬ ▬▬▬▬ ▬▬ ▬▬▬ ▬▬ ▬▬▬▬ ▬▬ ▬▬▬ ▬ ▬▬▬▬ ▬▬▬ ▬▬ ▬▬ ▬▬▬▬ ▬▬ ▬▬▬ ▬▬▬ ▬▬ ▬▬▬▬ ▬▬ ▬▬▬ ▬▬ ▬▬▬▬ ▬▬ ▬▬▬ ▬ ▬▬▬▬ ▬▬▬ ▬▬ ▬▬ ▬▬▬▬ ▬▬ ▬▬▬ ▬▬▬ ▬▬ ▬▬▬▬ ▬▬ ▬▬▬ ▬▬ ▬▬▬▬ ▬▬ ▬▬▬ ▬ ▬▬▬▬ ▬▬▬ ▬▬ ▬▬ ▬▬▬▬ ▬▬ ▬▬▬ ▬▬▬ ▬▬ ▬▬▬▬ ▬▬ ▬▬▬ ▬▬ ▬▬▬▬ ▬▬ ▬▬▬ ▬ ▬▬▬▬ ▬▬▬ ▬▬ ▬▬ ▬▬▬▬ ▬▬ ▬▬▬ ▬▬▬ ▬▬ ▬▬▬▬ ▬▬ ▬▬▬ ▬▬ ▬▬▬▬ ▬▬ ▬▬▬ ▬ ▬▬▬▬ ▬▬▬ ▬▬ ▬▬ ▬▬▬▬ ▬▬ ▬▬▬ ▬▬▬ ▬▬ ▬▬▬▬ ▬▬ ▬▬▬ ▬▬ ▬▬▬▬ ▬▬ ▬▬▬ ▬ ▬▬▬▬ ▬▬▬ ▬▬ ▬▬ ▬▬▬▬ ▬▬ ▬▬▬ ▬▬▬ ▬▬ ▬▬▬▬ ▬▬ ▬▬▬ ▬▬ ▬▬▬▬ ▬▬ ▬▬▬ ▬ ▬▬▬▬ ▬▬▬ ▬▬ ▬▬ ▬▬▬▬ ▬▬ ▬▬▬ ▬▬▬ ▬▬ ▬▬▬▬ ▬▬ ▬▬▬ ▬▬ ▬▬▬▬ ▬▬ ▬▬▬ ▬ ▬▬▬▬ ▬▬▬ ▬▬ ▬▬ ▬▬▬▬ ▬▬ ▬▬▬ ▬▬▬ ▬▬ ▬▬▬▬ ▬▬ ▬▬▬
▬▬ ▬▬▬ ▬▬ ▬▬▬▬ ▬▬ ▬▬▬ ▬▬ ▬▬▬▬ ▬▬ ▬▬▬ ▬ ▬▬▬▬ ▬▬▬ ▬▬ ▬▬ ▬▬▬▬ ▬▬ ▬▬▬ ▬▬▬ ▬▬ ▬▬▬▬ ▬▬ ▬▬▬ ▬▬ ▬▬▬▬ ▬▬ ▬▬▬ ▬ ▬▬▬▬ ▬▬▬ ▬▬ ▬▬ ▬▬▬▬ ▬▬ ▬▬▬ ▬▬▬ ▬▬ ▬▬▬▬ ▬▬ ▬▬▬ ▬▬ ▬▬▬▬ ▬▬ ▬▬▬ ▬ ▬▬▬▬ ▬▬▬ ▬▬ ▬▬ ▬▬▬▬ ▬▬ ▬▬▬ ▬▬▬ ▬▬ ▬▬▬▬ ▬▬ ▬▬▬ ▬▬ ▬▬▬▬ ▬▬ ▬▬▬ ▬ ▬▬▬▬ ▬▬▬ ▬▬ ▬▬ ▬▬▬▬ ▬▬ ▬▬▬ ▬▬▬ ▬▬ ▬▬▬▬ ▬▬ ▬▬▬ ▬▬ ▬▬▬▬ ▬▬ ▬▬▬ ▬ ▬▬▬▬ ▬▬▬ ▬▬ ▬▬ ▬▬▬▬ ▬▬ ▬▬▬ ▬▬▬ ▬▬ ▬▬▬▬ ▬▬ ▬▬▬ ▬▬ ▬▬▬▬ ▬▬ ▬▬▬ ▬ ▬▬▬▬ ▬▬▬ ▬▬ ▬▬ ▬▬▬▬ ▬▬ ▬▬▬ ▬▬▬ ▬▬ ▬▬▬▬ ▬▬ ▬▬▬ ▬▬ ▬▬▬▬ ▬▬ ▬▬▬ ▬ ▬▬▬▬ ▬▬▬ ▬▬ ▬▬ ▬▬▬▬ ▬▬ ▬▬▬ ▬▬▬ ▬▬ ▬▬▬▬ ▬▬ ▬▬▬ ▬▬ ▬▬▬▬ ▬▬ ▬▬▬ ▬ ▬▬▬▬ ▬▬▬ ▬▬ ▬▬ ▬▬▬▬ ▬▬ ▬▬▬ ▬▬▬ ▬▬ ▬▬▬▬ ▬▬ ▬▬▬ ▬▬ ▬▬▬▬ ▬▬ ▬▬▬ ▬ ▬▬▬▬ ▬▬▬ ▬▬ ▬▬ ▬▬▬▬ ▬▬ ▬▬▬ ▬▬▬ ▬▬ ▬▬▬▬ ▬▬ ▬▬▬ ▬▬ ▬▬▬▬ ▬▬ ▬▬▬ ▬ ▬▬▬▬ ▬▬▬ ▬▬ ▬▬ ▬▬▬▬ ▬▬ ▬▬▬ ▬▬▬ ▬▬ ▬▬▬▬ ▬▬ ▬▬▬ ▬▬ ▬▬▬▬ ▬▬ ▬▬▬ ▬ ▬▬▬▬ ▬▬▬ ▬▬ ▬▬ ▬▬▬▬ ▬▬ ▬▬▬ ▬▬▬ ▬▬ ▬▬▬▬ ▬▬ ▬▬▬ ▬▬ ▬▬▬▬ ▬▬ ▬▬▬ ▬ ▬▬▬▬ ▬▬▬ ▬▬ ▬▬ ▬▬▬▬ ▬▬ ▬▬▬ ▬▬▬ ▬▬ ▬▬▬▬ ▬▬ ▬▬▬ ▬▬ ▬▬▬▬ ▬▬ ▬▬▬ ▬ ▬▬▬▬ ▬▬▬ ▬▬ ▬▬ ▬▬▬▬ ▬▬ ▬▬▬ ▬▬▬ ▬▬ ▬▬▬▬ ▬▬ ▬▬▬ ▬▬ ▬▬▬▬ ▬▬ ▬▬▬ ▬ ▬▬▬▬ ▬▬▬ ▬▬ ▬▬ ▬▬▬▬ ▬▬ ▬▬▬ ▬▬▬ ▬▬ ▬▬▬▬ ▬▬ ▬▬▬ ▬▬ ▬▬▬▬ ▬▬ ▬▬▬ ▬ ▬▬▬▬ ▬▬▬ ▬▬ ▬▬ ▬▬▬▬ ▬▬ ▬▬▬ ▬▬▬ ▬▬ ▬▬▬▬ ▬▬ ▬▬▬ ▬▬ ▬▬▬▬ ▬▬ ▬▬▬ ▬ ▬▬▬▬ ▬▬▬ ▬▬ ▬▬ ▬▬▬▬ ▬▬ ▬▬▬ ▬▬▬ ▬▬ ▬▬▬▬ ▬▬ ▬▬▬
